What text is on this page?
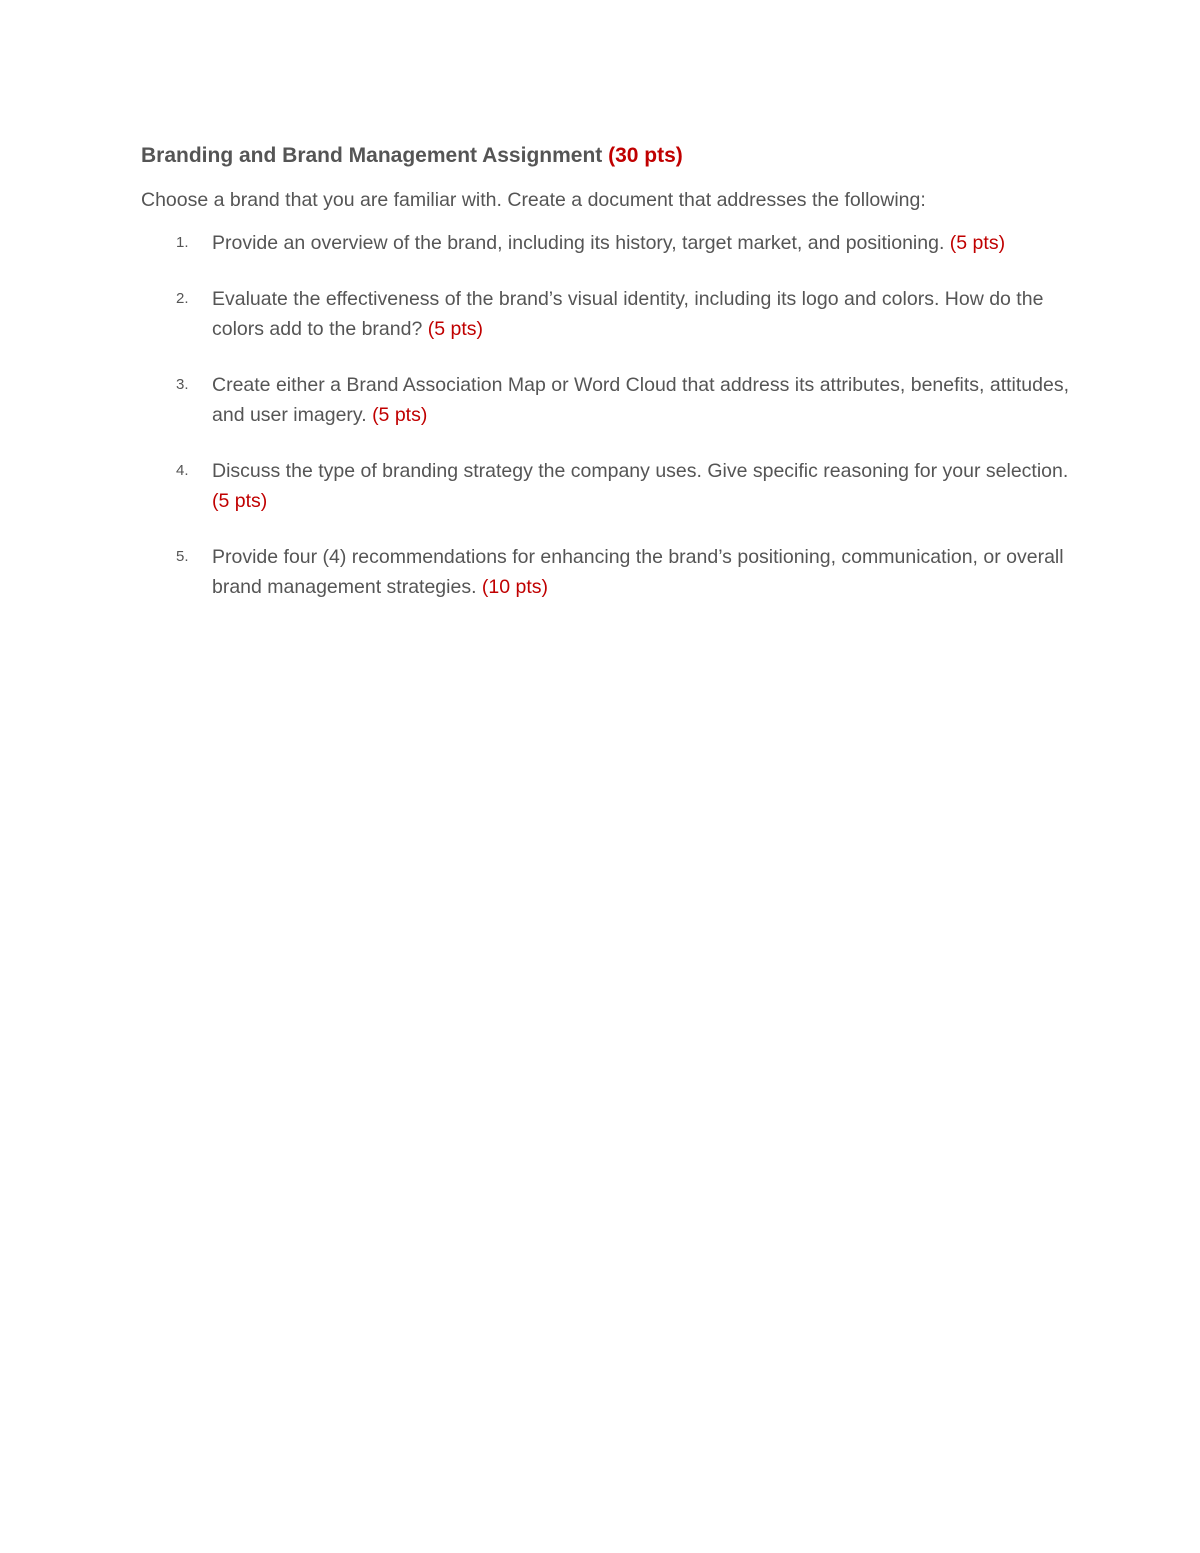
Branding and Brand Management Assignment (30 pts)
Choose a brand that you are familiar with. Create a document that addresses the following:
1. Provide an overview of the brand, including its history, target market, and positioning. (5 pts)
2. Evaluate the effectiveness of the brand’s visual identity, including its logo and colors. How do the colors add to the brand? (5 pts)
3. Create either a Brand Association Map or Word Cloud that address its attributes, benefits, attitudes, and user imagery. (5 pts)
4. Discuss the type of branding strategy the company uses. Give specific reasoning for your selection. (5 pts)
5. Provide four (4) recommendations for enhancing the brand’s positioning, communication, or overall brand management strategies. (10 pts)
